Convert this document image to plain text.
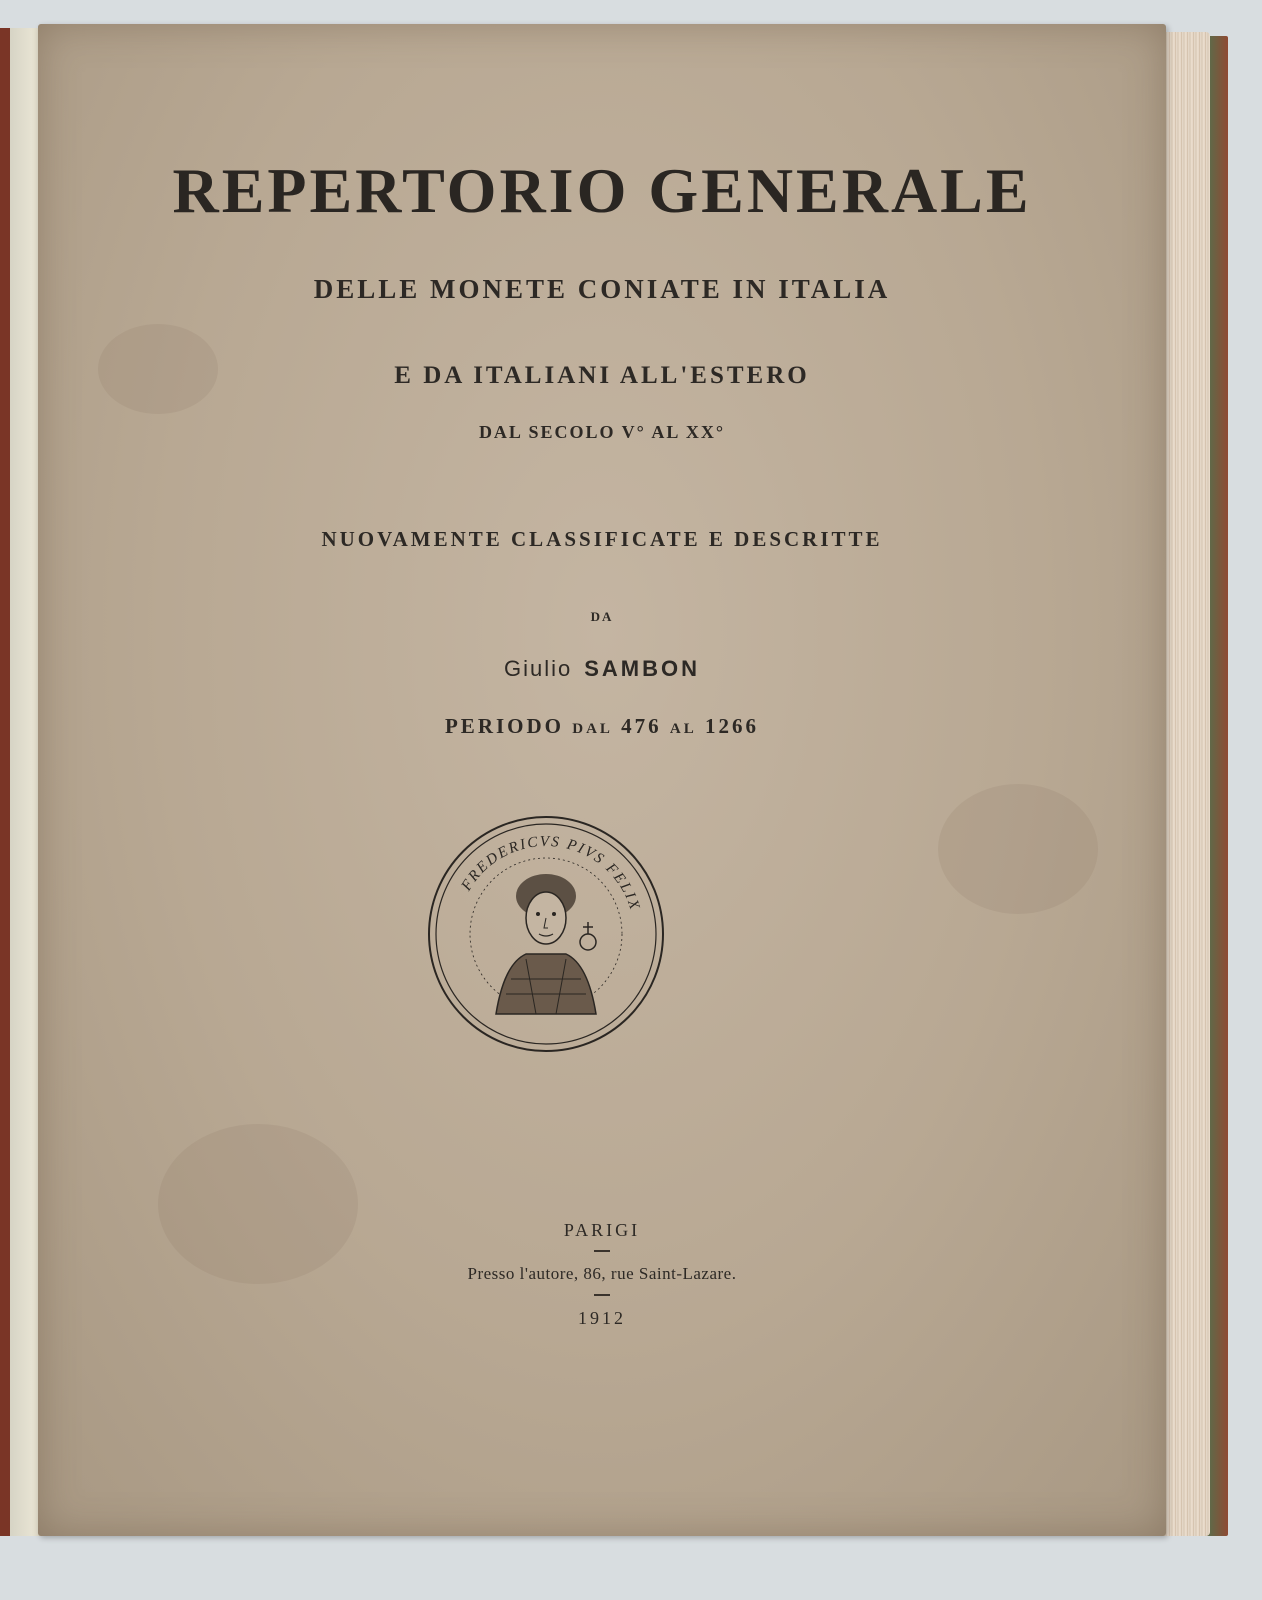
REPERTORIO GENERALE

DELLE MONETE CONIATE IN ITALIA

E DA ITALIANI ALL'ESTERO

DAL SECOLO V° AL XX°

NUOVAMENTE CLASSIFICATE E DESCRITTE

DA

Giulio SAMBON

PERIODO DAL 476 AL 1266

FREDERICVS PIVS FELIX

PARIGI

Presso l'autore, 86, rue Saint-Lazare.

1912
